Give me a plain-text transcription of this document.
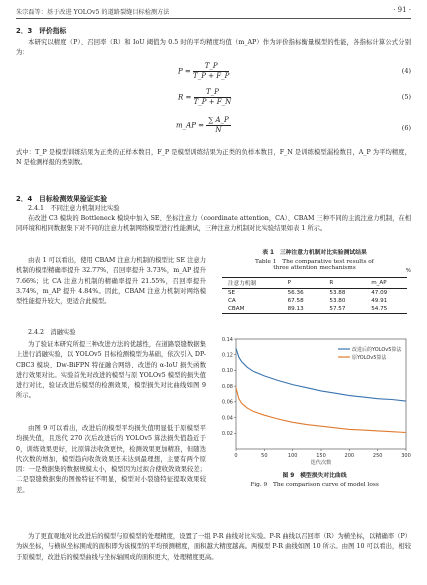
朱宗磊等：基于改进 YOLOv5 的道路裂缝目标检测方法	· 91 ·
2．3　评价指标
本研究以精度（P）、召回率（R）和 IoU 阈值为 0.5 时的平均精度均值（m_AP）作为评价指标衡量模型的性能，各指标计算公式分别为：
$P = \frac{T\_P}{T\_P + F\_P}$	(4)
$R = \frac{T\_P}{T\_P + F\_N}$	(5)
m_AP = $\frac{\sum A\_P}{N}$	(6)
式中：T_P 是模型训练结果为正类的正样本数目，F_P 是模型训练结果为正类的负样本数目，F_N 是训练模型漏检数目，A_P 为平均精度，N 是检测样报的类别数。
2．4　目标检测效果验证实验
2.4.1　不同注意力机制对比实验
在改进 C3 模块的 Bottleneck 模块中加入 SE、坐标注意力（coordinate attention，CA）、CBAM 三种不同的主流注意力机制，在相同环境和相同数据集下对不同的注意力机制网络模型进行性能测试，三种注意力机制对比实验结果如表 1 所示。
由表 1 可以看出，使用 CBAM 注意力机制的模型比 SE 注意力机制的模型精确率提升 32.77%，召回率提升 3.73%，m_AP 提升 7.66%；比 CA 注意力机制的精确率提升 21.55%，召回率提升 3.74%，m_AP 提升 4.84%。因此，CBAM 注意力机制对网络模型性能提升较大，更适合此模型。
2.4.2　消融实验
为了验证本研究所提三种改进方法的优越性，在道路裂缝数据集上进行消融实验，以 YOLOv5 目标检测模型为基础，依次引入 DP-CBC3 模块、Dw-BiFPN 特征融合网络、改进的 α-IoU 损失函数进行效果对比。实验首先对改进的模型与原 YOLOv5 模型的损失值进行对比，验证改进后模型的检测效果，模型损失对比曲线如图 9 所示。
由图 9 可以看出，改进后的模型平均损失值明显低于原模型平均损失值，且迭代 270 次后改进后的 YOLOv5 算法损失值趋近于 0，训练效果更好，比原算法收敛更快，检测效果更加精准，但随迭代次数的增加，模型趋向收敛效果还未达到最理想，主要有两个原因：一是数据集的数据规模太小，模型因为过拟合使收敛效果较差；二是裂缝数据集的图像特征不明显，模型对小裂缝特征提取效果较差。
为了更直观地对比改进后的模型与原模型的处理精度，设置了一组 P-R 曲线对比实验。P-R 曲线以召回率（R）为横坐标，以精确率（P）为纵坐标，与横纵坐标围成的面积即为该模型的平均预测精度，面积越大精度越高。两模型 P-R 曲线如图 10 所示。由图 10 可以看出，相较于原模型，改进后的模型曲线与坐标轴围成的面积更大，处理精度更高。
表 1　三种注意力机制对比实验测试结果
Table 1　The comparative test results of
three attention mechanisms	%
注意力机制	P	R	m_AP
SE	56.36	53.88	47.09
CA	67.58	53.80	49.91
CBAM	89.13	57.57	54.75
0.02
0.04
0.06
0.08
0.10
0.12
0.14
0	50	100	150	200	250	300
迭代次数
改进后的YOLOv5算法
原YOLOv5算法
图 9　模型损失对比曲线
Fig. 9　The comparison curve of model loss
